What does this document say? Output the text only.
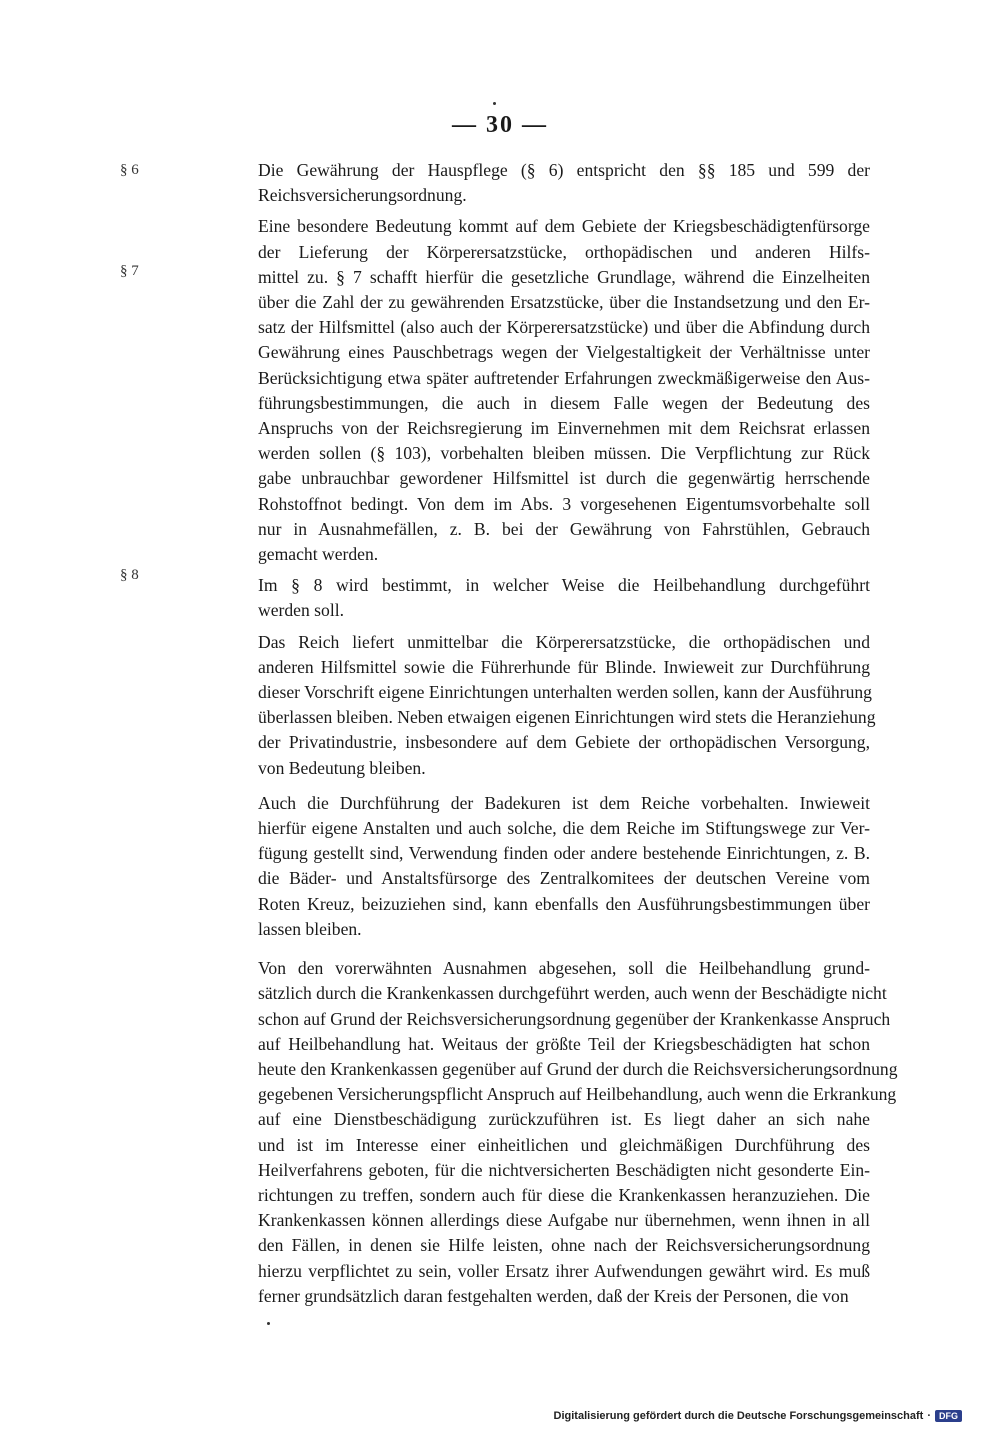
— 30 —
§ 6
§ 7
§ 8
Die Gewährung der Hauspflege (§ 6) entspricht den §§ 185 und 599 der
Reichsversicherungsordnung.
Eine besondere Bedeutung kommt auf dem Gebiete der Kriegsbeschädigtenfürsorge
der Lieferung der Körperersatzstücke, orthopädischen und anderen Hilfs-
mittel zu. § 7 schafft hierfür die gesetzliche Grundlage, während die Einzelheiten
über die Zahl der zu gewährenden Ersatzstücke, über die Instandsetzung und den Er-
satz der Hilfsmittel (also auch der Körperersatzstücke) und über die Abfindung durch
Gewährung eines Pauschbetrags wegen der Vielgestaltigkeit der Verhältnisse unter
Berücksichtigung etwa später auftretender Erfahrungen zweckmäßigerweise den Aus-
führungsbestimmungen, die auch in diesem Falle wegen der Bedeutung des
Anspruchs von der Reichsregierung im Einvernehmen mit dem Reichsrat erlassen
werden sollen (§ 103), vorbehalten bleiben müssen. Die Verpflichtung zur Rück
gabe unbrauchbar gewordener Hilfsmittel ist durch die gegenwärtig herrschende
Rohstoffnot bedingt. Von dem im Abs. 3 vorgesehenen Eigentumsvorbehalte soll
nur in Ausnahmefällen, z. B. bei der Gewährung von Fahrstühlen, Gebrauch
gemacht werden.
Im § 8 wird bestimmt, in welcher Weise die Heilbehandlung durchgeführt
werden soll.
Das Reich liefert unmittelbar die Körperersatzstücke, die orthopädischen und
anderen Hilfsmittel sowie die Führerhunde für Blinde. Inwieweit zur Durchführung
dieser Vorschrift eigene Einrichtungen unterhalten werden sollen, kann der Ausführung
überlassen bleiben. Neben etwaigen eigenen Einrichtungen wird stets die Heranziehung
der Privatindustrie, insbesondere auf dem Gebiete der orthopädischen Versorgung,
von Bedeutung bleiben.
Auch die Durchführung der Badekuren ist dem Reiche vorbehalten. Inwieweit
hierfür eigene Anstalten und auch solche, die dem Reiche im Stiftungswege zur Ver-
fügung gestellt sind, Verwendung finden oder andere bestehende Einrichtungen, z. B.
die Bäder- und Anstaltsfürsorge des Zentralkomitees der deutschen Vereine vom
Roten Kreuz, beizuziehen sind, kann ebenfalls den Ausführungsbestimmungen über
lassen bleiben.
Von den vorerwähnten Ausnahmen abgesehen, soll die Heilbehandlung grund-
sätzlich durch die Krankenkassen durchgeführt werden, auch wenn der Beschädigte nicht
schon auf Grund der Reichsversicherungsordnung gegenüber der Krankenkasse Anspruch
auf Heilbehandlung hat. Weitaus der größte Teil der Kriegsbeschädigten hat schon
heute den Krankenkassen gegenüber auf Grund der durch die Reichsversicherungsordnung
gegebenen Versicherungspflicht Anspruch auf Heilbehandlung, auch wenn die Erkrankung
auf eine Dienstbeschädigung zurückzuführen ist. Es liegt daher an sich nahe
und ist im Interesse einer einheitlichen und gleichmäßigen Durchführung des
Heilverfahrens geboten, für die nichtversicherten Beschädigten nicht gesonderte Ein-
richtungen zu treffen, sondern auch für diese die Krankenkassen heranzuziehen. Die
Krankenkassen können allerdings diese Aufgabe nur übernehmen, wenn ihnen in all
den Fällen, in denen sie Hilfe leisten, ohne nach der Reichsversicherungsordnung
hierzu verpflichtet zu sein, voller Ersatz ihrer Aufwendungen gewährt wird. Es muß
ferner grundsätzlich daran festgehalten werden, daß der Kreis der Personen, die von
Digitalisierung gefördert durch die Deutsche Forschungsgemeinschaft · DFG
